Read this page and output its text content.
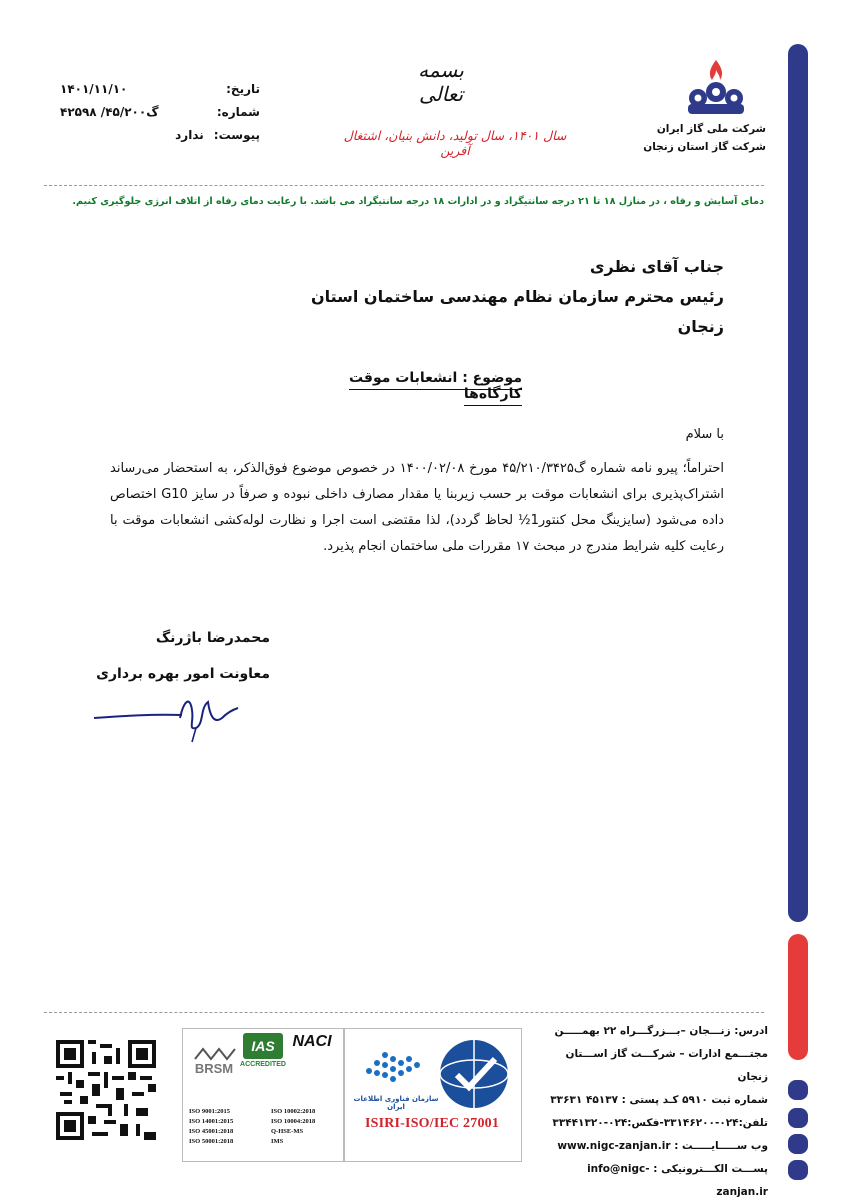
شرکت ملی گاز ایران
شرکت گاز استان زنجان
بسمه تعالی
سال ۱۴۰۱، سال تولید، دانش بنیان، اشتغال آفرین
تاریخ:
۱۴۰۱/۱۱/۱۰
شماره:
گ۴۵/۲۰۰/ ۴۲۵۹۸
پیوست:
ندارد
دمای آسایش و رفاه ، در منازل ۱۸ تا ۲۱ درجه سانتیگراد و در ادارات ۱۸ درجه سانتیگراد می باشد. با رعایت دمای رفاه از اتلاف انرژی جلوگیری کنیم.
جناب آقای نظری
رئیس محترم سازمان نظام مهندسی ساختمان استان زنجان
موضوع : انشعابات موقت کارگاه‌ها
با سلام
احتراماً؛ پیرو نامه شماره گ۴۵/۲۱۰/۳۴۲۵ مورخ ۱۴۰۰/۰۲/۰۸ در خصوص موضوع فوق‌الذکر، به استحضار می‌رساند اشتراک‌پذیری برای انشعابات موقت بر حسب زیربنا یا مقدار مصارف داخلی نبوده و صرفاً در سایز G10 اختصاص داده می‌شود (سایزینگ محل کنتور1½ لحاظ گردد)، لذا مقتضی است اجرا و نظارت لوله‌کشی انشعابات موقت با رعایت کلیه شرایط مندرج در مبحث ۱۷ مقررات ملی ساختمان انجام پذیرد.
محمدرضا باژرنگ
معاونت امور بهره برداری
ادرس: زنـــجان –بـــزرگـــراه ۲۲ بهمـــــن
مجتـــمع ادارات – شرکـــت گاز اســـتان زنجان
شماره ثبت ۵۹۱۰ کـد پستی : ۴۵۱۳۷ ۳۳۶۳۱
تلفن:۰۲۴-۳۳۱۴۶۲۰۰-فکس:۰۲۴-۳۳۴۴۱۳۲۰
وب ســـــایـــــت : www.nigc-zanjan.ir
پســـت الکـــترونیکی : info@nigc-zanjan.ir
سازمان فناوری اطلاعات ایران
ISIRI-ISO/IEC 27001
NACI
IAS
ACCREDITED
BRSM
ISO 9001:2015
ISO 14001:2015
ISO 45001:2018
ISO 50001:2018
ISO 10002:2018
ISO 10004:2018
Q-HSE-MS
IMS
